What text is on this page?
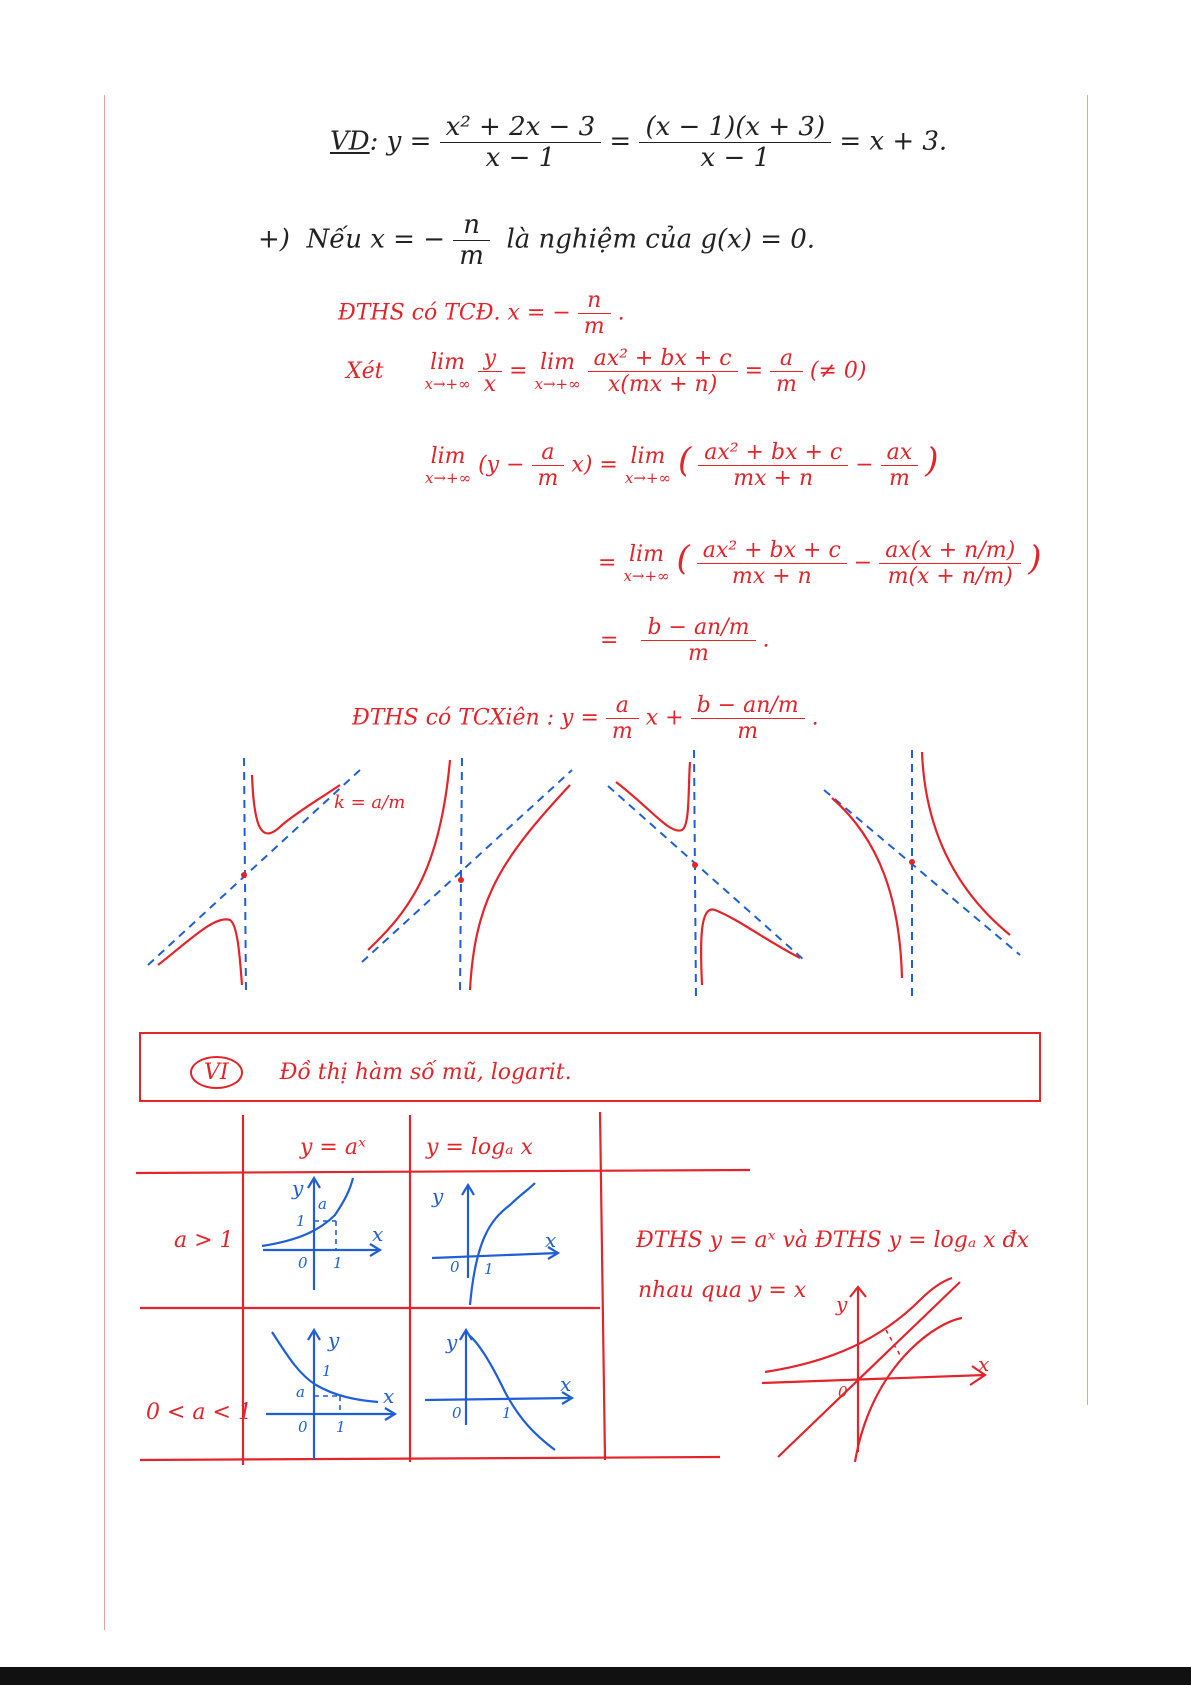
VD: $y = \frac{\text{x² + 2x − 3}}{x - 1} = \frac{(x - 1)(x + 3)}{x - 1} = x + 3$.
+) Nếu x = − $\frac{n}{m}$ là nghiệm của g(x) = 0.
ĐTHS có TCĐ. x = − $\frac{n}{m}$ .
Xét lim
x→+∞
$\frac{y}{x} = \lim$
x→+∞
$\frac{\text{ax² + bx + c}}{x(mx + n)} = \frac{a}{m}$ (≠ 0)
lim
x→+∞
$(y - \frac{a}{m} x) = \lim$
x→+∞ ( $\frac{\text{ax² + bx + c}}{mx + n} - \frac{ax}{m}$ )
= lim
x→+∞ ( $\frac{\text{ax² + bx + c}}{mx + n} - \frac{ax(x + n/m)}{m(x + n/m)}$ )
= $\frac{b - an/m}{m}$ .
ĐTHS có TCXiên : $y = \frac{a}{m}$ $x + \frac{b - an/m}{m}$ .
k = a/m
VI Đồ thị hàm số mũ, logarit.
y = aˣ	y = logₐ x
a > 1
0 < a < 1
y
a
1
x
0 1
y
x
0 1
y
1
a	x
0 1
y
x
0	1
ĐTHS y = aˣ và ĐTHS y = logₐ x đx
nhau qua y = x
y
x
0
